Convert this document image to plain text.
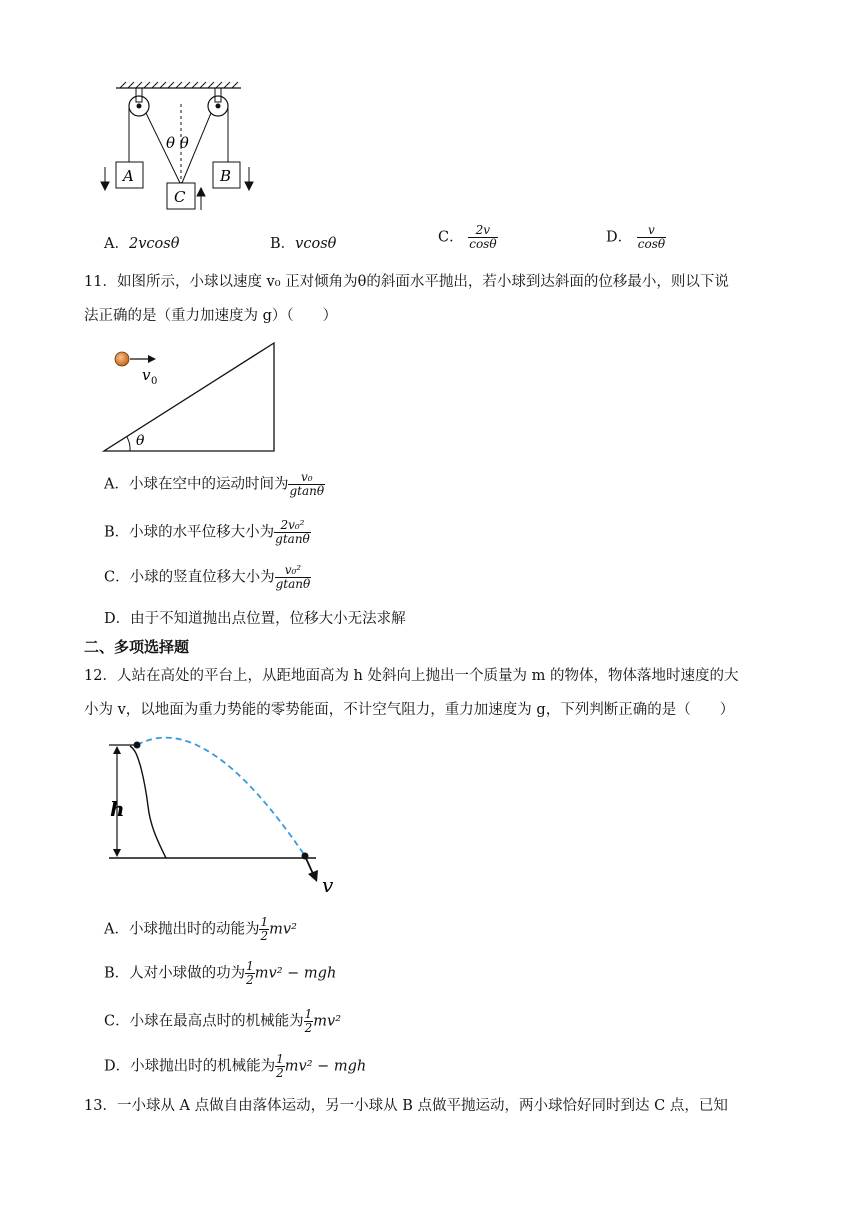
A	B
C
θ θ
A．2vcosθ	B．vcosθ	C． $\frac{2v}{\cos\theta}$	D． $\frac{v}{\cos\theta}$
11．如图所示，小球以速度 v₀ 正对倾角为θ的斜面水平抛出，若小球到达斜面的位移最小，则以下说
法正确的是（重力加速度为 g）（　　）
v 0
θ
A．小球在空中的运动时间为 $\frac{\text{v₀}}{gtan\theta}$
B．小球的水平位移大小为 $\frac{\text{2v₀²}}{gtan\theta}$
C．小球的竖直位移大小为 $\frac{\text{v₀²}}{gtan\theta}$
D．由于不知道抛出点位置，位移大小无法求解
二、多项选择题
12．人站在高处的平台上，从距地面高为 h 处斜向上抛出一个质量为 m 的物体，物体落地时速度的大
小为 v，以地面为重力势能的零势能面，不计空气阻力，重力加速度为 g，下列判断正确的是（　　）
h
v
A．小球抛出时的动能为 $\frac{1}{2} mv^2$
B．人对小球做的功为 $\frac{1}{2} mv^2$ − mgh
C．小球在最高点时的机械能为 $\frac{1}{2} mv^2$
D．小球抛出时的机械能为 $\frac{1}{2} mv^2$ − mgh
13．一小球从 A 点做自由落体运动，另一小球从 B 点做平抛运动，两小球恰好同时到达 C 点，已知
